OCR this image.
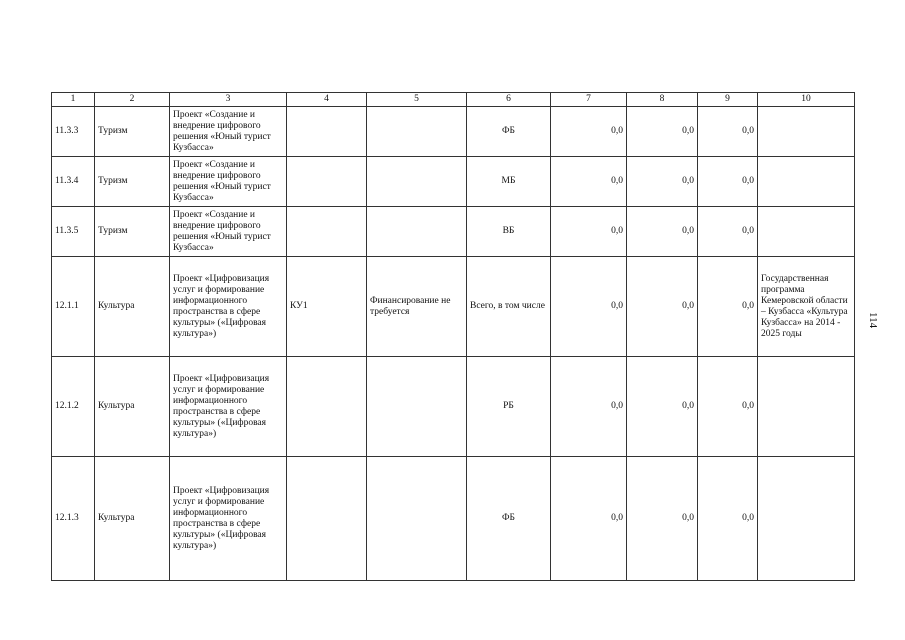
1	2	3	4	5	6	7	8	9	10
11.3.3	Туризм	Проект «Создание и внедрение цифрового решения «Юный турист Кузбасса»			ФБ	0,0	0,0	0,0	
11.3.4	Туризм	Проект «Создание и внедрение цифрового решения «Юный турист Кузбасса»			МБ	0,0	0,0	0,0	
11.3.5	Туризм	Проект «Создание и внедрение цифрового решения «Юный турист Кузбасса»			ВБ	0,0	0,0	0,0	
12.1.1	Культура	Проект «Цифровизация услуг и формирование информационного пространства в сфере культуры» («Цифровая культура»)	КУ1	Финансирование не требуется	Всего, в том числе	0,0	0,0	0,0	Государственная программа Кемеровской области – Кузбасса «Культура Кузбасса» на 2014 - 2025 годы
12.1.2	Культура	Проект «Цифровизация услуг и формирование информационного пространства в сфере культуры» («Цифровая культура»)			РБ	0,0	0,0	0,0	
12.1.3	Культура	Проект «Цифровизация услуг и формирование информационного пространства в сфере культуры» («Цифровая культура»)			ФБ	0,0	0,0	0,0	
114
